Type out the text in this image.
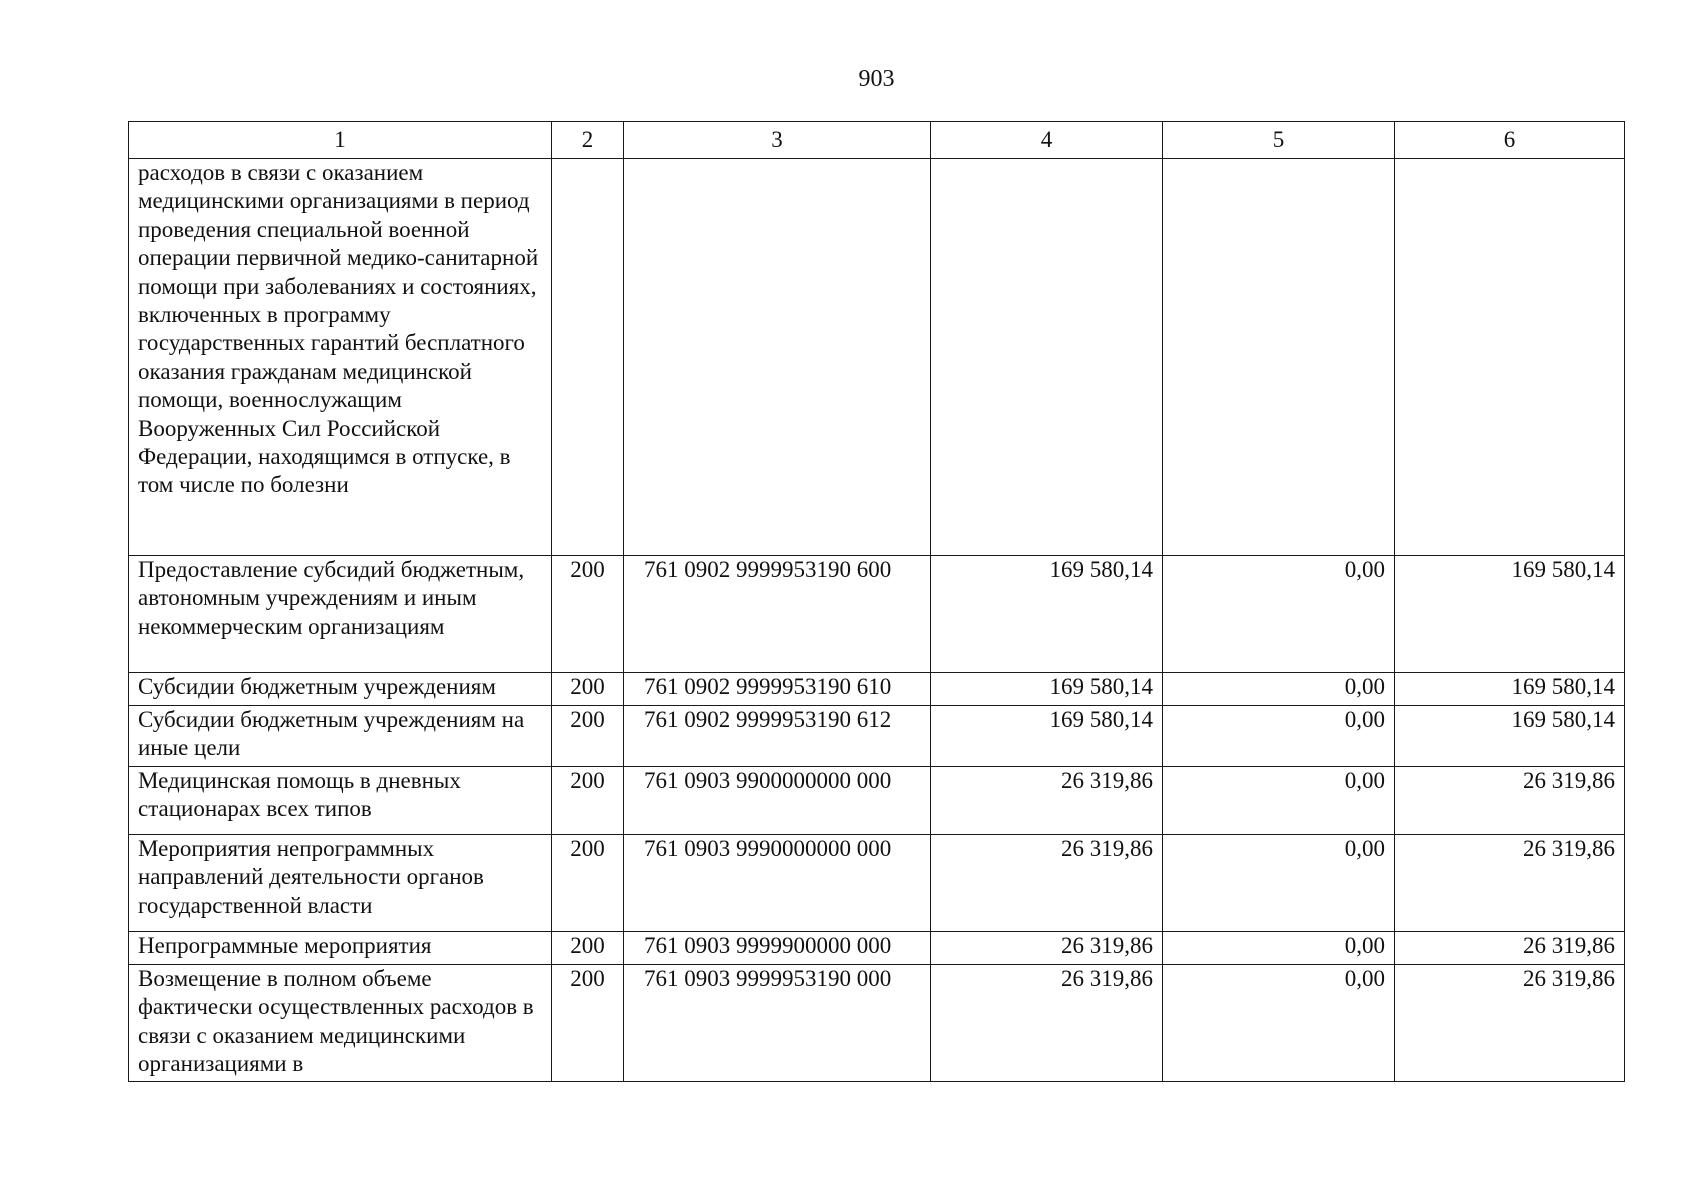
903
1	2	3	4	5	6
расходов в связи с оказанием медицинскими организациями в период проведения специальной военной операции первичной медико-санитарной помощи при заболеваниях и состояниях, включенных в программу государственных гарантий бесплатного оказания гражданам медицинской помощи, военнослужащим Вооруженных Сил Российской Федерации, находящимся в отпуске, в том числе по болезни					
Предоставление субсидий бюджетным, автономным учреждениям и иным некоммерческим организациям	200	761 0902 9999953190 600	169 580,14	0,00	169 580,14
Субсидии бюджетным учреждениям	200	761 0902 9999953190 610	169 580,14	0,00	169 580,14
Субсидии бюджетным учреждениям на иные цели	200	761 0902 9999953190 612	169 580,14	0,00	169 580,14
Медицинская помощь в дневных стационарах всех типов	200	761 0903 9900000000 000	26 319,86	0,00	26 319,86
Мероприятия непрограммных направлений деятельности органов государственной власти	200	761 0903 9990000000 000	26 319,86	0,00	26 319,86
Непрограммные мероприятия	200	761 0903 9999900000 000	26 319,86	0,00	26 319,86
Возмещение в полном объеме фактически осуществленных расходов в связи с оказанием медицинскими организациями в	200	761 0903 9999953190 000	26 319,86	0,00	26 319,86
